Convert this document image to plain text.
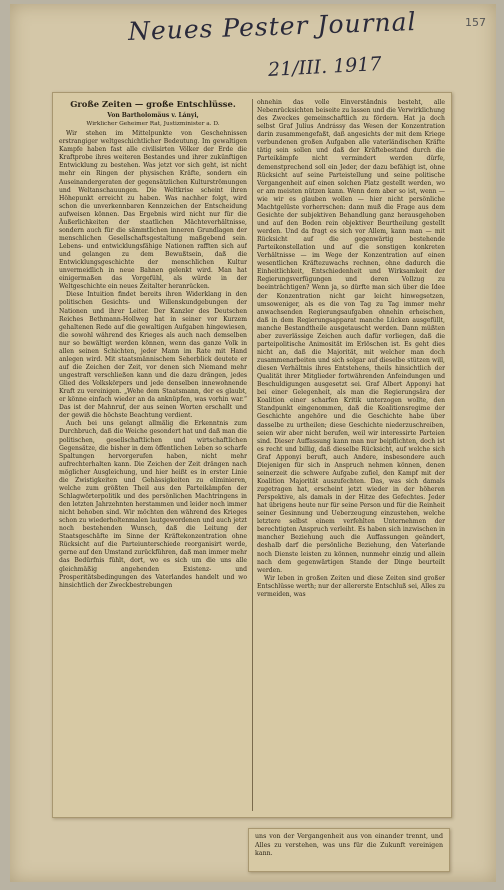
Neues Pester Journal
21/III. 1917
157
Große Zeiten — große Entschlüsse.
Von Bartholomäus v. Lányi,
Wirklicher Geheimer Rat, Justizminister a. D.

Wir stehen im Mittelpunkte von Geschehnissen erstrangiger weltgeschichtlicher Bedeutung. Im gewaltigen Kampfe haben fast alle civilisirten Völker der Erde die Kraftprobe ihres weiteren Bestandes und ihrer zukünftigen Entwicklung zu bestehen. Was jetzt vor sich geht, ist nicht mehr ein Ringen der physischen Kräfte, sondern ein Auseinandergeraten der gegensätzlichen Kulturströmungen und Weltanschauungen. Die Weltkrise scheint ihren Höhepunkt erreicht zu haben. Was nachher folgt, wird schon die unverkennbaren Kennzeichen der Entscheidung aufweisen können. Das Ergebnis wird nicht nur für die Äußerlichkeiten der staatlichen Mächteverhältnisse, sondern auch für die sämmtlichen inneren Grundlagen der menschlichen Gesellschaftsgestaltung maßgebend sein. Lebens- und entwicklungsfähige Nationen rafften sich auf und gelangen zu dem Bewußtsein, daß die Entwicklungsgeschichte der menschlichen Kultur unvermeidlich in neue Bahnen gelenkt wird. Man hat einigermaßen das Vorgefühl, als würde in der Weltgeschichte ein neues Zeitalter heranrücken.

Diese Intuition findet bereits ihren Widerklang in den politischen Gesichts- und Willenskundgebungen der Nationen und ihrer Leiter. Der Kanzler des Deutschen Reiches Bethmann-Hollweg hat in seiner vor Kurzem gehaltenen Rede auf die gewaltigen Aufgaben hingewiesen, die sowohl während des Krieges als auch nach demselben nur so bewältigt werden können, wenn das ganze Volk in allen seinen Schichten, jeder Mann im Rate mit Hand anlegen wird. Mit staatsmännischem Seherblick deutete er auf die Zeichen der Zeit, vor denen sich Niemand mehr ungestraft verschließen kann und die dazu drängen, jedes Glied des Volkskörpers und jede denselben innewohnende Kraft zu vereinigen. „Wehe dem Staatsmann, der es glaubt, er könne einfach wieder an da anknüpfen, was vorhin war.“ Das ist der Mahnruf, der aus seinen Worten erschallt und der gewiß die höchste Beachtung verdient.

Auch bei uns gelangt allmälig die Erkenntnis zum Durchbruch, daß die Weiche gesondert hat und daß man die politischen, gesellschaftlichen und wirtschaftlichen Gegensätze, die bisher in dem öffentlichen Leben so scharfe Spaltungen hervorgerufen haben, nicht mehr aufrechterhalten kann. Die Zeichen der Zeit drängen nach möglicher Ausgleichung, und hier heißt es in erster Linie die Zwistigkeiten und Gehässigkeiten zu eliminieren, welche zum größten Theil aus den Parteikämpfen der Schlagwörterpolitik und des persönlichen Machtringens in den letzten Jahrzehnten herstammen und leider noch immer nicht behoben sind. Wir möchten den während des Krieges schon zu wiederholtenmalen lautgewordenen und auch jetzt noch bestehenden Wunsch, daß die Leitung der Staatsgeschäfte im Sinne der Kräftekonzentration ohne Rücksicht auf die Parteiunterschiede reorganisirt werde, gerne auf den Umstand zurückführen, daß man immer mehr das Bedürfnis fühlt, dort, wo es sich um die uns alle gleichmäßig angehenden Existenz- und Prosperitätsbedingungen des Vaterlandes handelt und wo hinsichtlich der Zweckbestrebungen

ohnehin das volle Einverständnis besteht, alle Nebenrücksichten beiseite zu lassen und die Verwirklichung des Zweckes gemeinschaftlich zu fördern. Hat ja doch selbst Graf Julius Andrássy das Wesen der Konzentration darin zusammengefaßt, daß angesichts der mit dem Kriege verbundenen großen Aufgaben alle vaterländischen Kräfte tätig sein sollen und daß der Kräftebestand durch die Parteikämpfe nicht vermindert werden dürfe, demenstprechend soll ein Jeder, der dazu befähigt ist, ohne Rücksicht auf seine Parteistellung und seine politische Vergangenheit auf einen solchen Platz gestellt werden, wo er am meisten nützen kann. Wenn dem aber so ist, wenn — wie wir es glauben wollen — hier nicht persönliche Machtgelüste vorherrschen: dann muß die Frage aus dem Gesichte der subjektiven Behandlung ganz herausgehoben und auf den Boden rein objektiver Beurtheilung gestellt werden. Und da fragt es sich vor Allem, kann man — mit Rücksicht auf die gegenwärtig bestehende Parteikonstellation und auf die sonstigen konkreten Verhältnisse — im Wege der Konzentration auf einen wesentlichen Kräftezuwachs rechnen, ohne dadurch die Einheitlichkeit, Entschiedenheit und Wirksamkeit der Regierungsverfügungen und deren Vollzug zu beeinträchtigen? Wenn ja, so dürfte man sich über die Idee der Konzentration nicht gar leicht hinwegsetzen, umsoweniger, als es die von Tag zu Tag immer mehr anwachsenden Regierungsaufgaben ohnehin erheischen, daß in dem Regierungsapparat manche Lücken ausgefüllt, manche Bestandtheile ausgetauscht werden. Dann müßten aber zuverlässige Zeichen auch dafür vorliegen, daß die parteipolitische Animosität im Erlöschen ist. Es geht dies nicht an, daß die Majorität, mit welcher man doch zusammenarbeiten und sich solgar auf dieselbe stützen will, diesen Verhältnis ihres Entstehens, theils hinsichtlich der Qualität ihrer Mitglieder fortwährenden Anfeindungen und Beschuldigungen ausgesetzt sei. Graf Albert Apponyi hat bei einer Gelegenheit, als man die Regierungsära der Koalition einer scharfen Kritik unterzogen wollte, den Standpunkt eingenommen, daß die Koalitionsregime der Geschichte angehöre und die Geschichte habe über dasselbe zu urtheilen; diese Geschichte niederzuschreiben, seien wir aber nicht berufen, weil wir interessirte Parteien sind. Dieser Auffassung kann man nur beipflichten, doch ist es recht und billig, daß dieselbe Rücksicht, auf welche sich Graf Apponyi beruft, auch Andere, insbesondere auch Diejenigen für sich in Anspruch nehmen können, denen seinerzeit die schwere Aufgabe zufiel, den Kampf mit der Koalition Majorität auszufechten. Das, was sich damals zugetragen hat, erscheint jetzt wieder in der höheren Perspektive, als damals in der Hitze des Gefechtes. Jeder hat übrigens heute nur für seine Person und für die Reinheit seiner Gesinnung und Ueberzeugung einzustehen, welche letztere selbst einem verfehlten Unternehmen der berechtigten Anspruch verleiht. Es haben sich inzwischen in mancher Beziehung auch die Auffassungen geändert, deshalb darf die persönliche Beziehung, den Vaterlande noch Dienste leisten zu können, nunmehr einzig und allein nach dem gegenwärtigen Stande der Dinge beurteilt werden.

Wir leben in großen Zeiten und diese Zeiten sind großer Entschlüsse werth; nur der allererste Entschluß sei, Alles zu vermeiden, was

uns von der Vergangenheit aus von einander trennt, und Alles zu verstehen, was uns für die Zukunft vereinigen kann.
